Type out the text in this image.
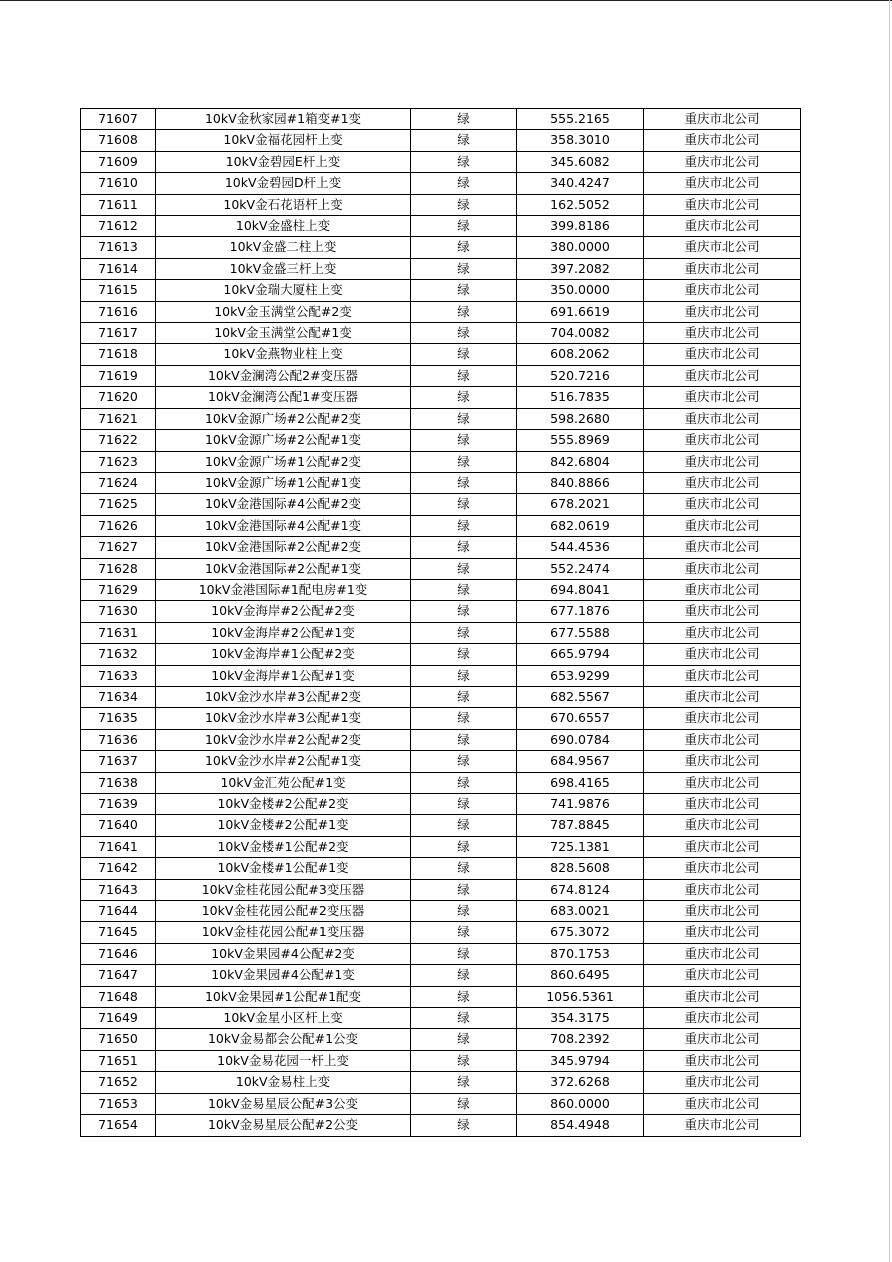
71607	10kV金秋家园#1箱变#1变	绿	555.2165	重庆市北公司
71608	10kV金福花园杆上变	绿	358.3010	重庆市北公司
71609	10kV金碧园E杆上变	绿	345.6082	重庆市北公司
71610	10kV金碧园D杆上变	绿	340.4247	重庆市北公司
71611	10kV金石花语杆上变	绿	162.5052	重庆市北公司
71612	10kV金盛柱上变	绿	399.8186	重庆市北公司
71613	10kV金盛二柱上变	绿	380.0000	重庆市北公司
71614	10kV金盛三杆上变	绿	397.2082	重庆市北公司
71615	10kV金瑞大厦柱上变	绿	350.0000	重庆市北公司
71616	10kV金玉满堂公配#2变	绿	691.6619	重庆市北公司
71617	10kV金玉满堂公配#1变	绿	704.0082	重庆市北公司
71618	10kV金燕物业柱上变	绿	608.2062	重庆市北公司
71619	10kV金澜湾公配2#变压器	绿	520.7216	重庆市北公司
71620	10kV金澜湾公配1#变压器	绿	516.7835	重庆市北公司
71621	10kV金源广场#2公配#2变	绿	598.2680	重庆市北公司
71622	10kV金源广场#2公配#1变	绿	555.8969	重庆市北公司
71623	10kV金源广场#1公配#2变	绿	842.6804	重庆市北公司
71624	10kV金源广场#1公配#1变	绿	840.8866	重庆市北公司
71625	10kV金港国际#4公配#2变	绿	678.2021	重庆市北公司
71626	10kV金港国际#4公配#1变	绿	682.0619	重庆市北公司
71627	10kV金港国际#2公配#2变	绿	544.4536	重庆市北公司
71628	10kV金港国际#2公配#1变	绿	552.2474	重庆市北公司
71629	10kV金港国际#1配电房#1变	绿	694.8041	重庆市北公司
71630	10kV金海岸#2公配#2变	绿	677.1876	重庆市北公司
71631	10kV金海岸#2公配#1变	绿	677.5588	重庆市北公司
71632	10kV金海岸#1公配#2变	绿	665.9794	重庆市北公司
71633	10kV金海岸#1公配#1变	绿	653.9299	重庆市北公司
71634	10kV金沙水岸#3公配#2变	绿	682.5567	重庆市北公司
71635	10kV金沙水岸#3公配#1变	绿	670.6557	重庆市北公司
71636	10kV金沙水岸#2公配#2变	绿	690.0784	重庆市北公司
71637	10kV金沙水岸#2公配#1变	绿	684.9567	重庆市北公司
71638	10kV金汇苑公配#1变	绿	698.4165	重庆市北公司
71639	10kV金楼#2公配#2变	绿	741.9876	重庆市北公司
71640	10kV金楼#2公配#1变	绿	787.8845	重庆市北公司
71641	10kV金楼#1公配#2变	绿	725.1381	重庆市北公司
71642	10kV金楼#1公配#1变	绿	828.5608	重庆市北公司
71643	10kV金桂花园公配#3变压器	绿	674.8124	重庆市北公司
71644	10kV金桂花园公配#2变压器	绿	683.0021	重庆市北公司
71645	10kV金桂花园公配#1变压器	绿	675.3072	重庆市北公司
71646	10kV金果园#4公配#2变	绿	870.1753	重庆市北公司
71647	10kV金果园#4公配#1变	绿	860.6495	重庆市北公司
71648	10kV金果园#1公配#1配变	绿	1056.5361	重庆市北公司
71649	10kV金星小区杆上变	绿	354.3175	重庆市北公司
71650	10kV金易都会公配#1公变	绿	708.2392	重庆市北公司
71651	10kV金易花园一杆上变	绿	345.9794	重庆市北公司
71652	10kV金易柱上变	绿	372.6268	重庆市北公司
71653	10kV金易星辰公配#3公变	绿	860.0000	重庆市北公司
71654	10kV金易星辰公配#2公变	绿	854.4948	重庆市北公司
